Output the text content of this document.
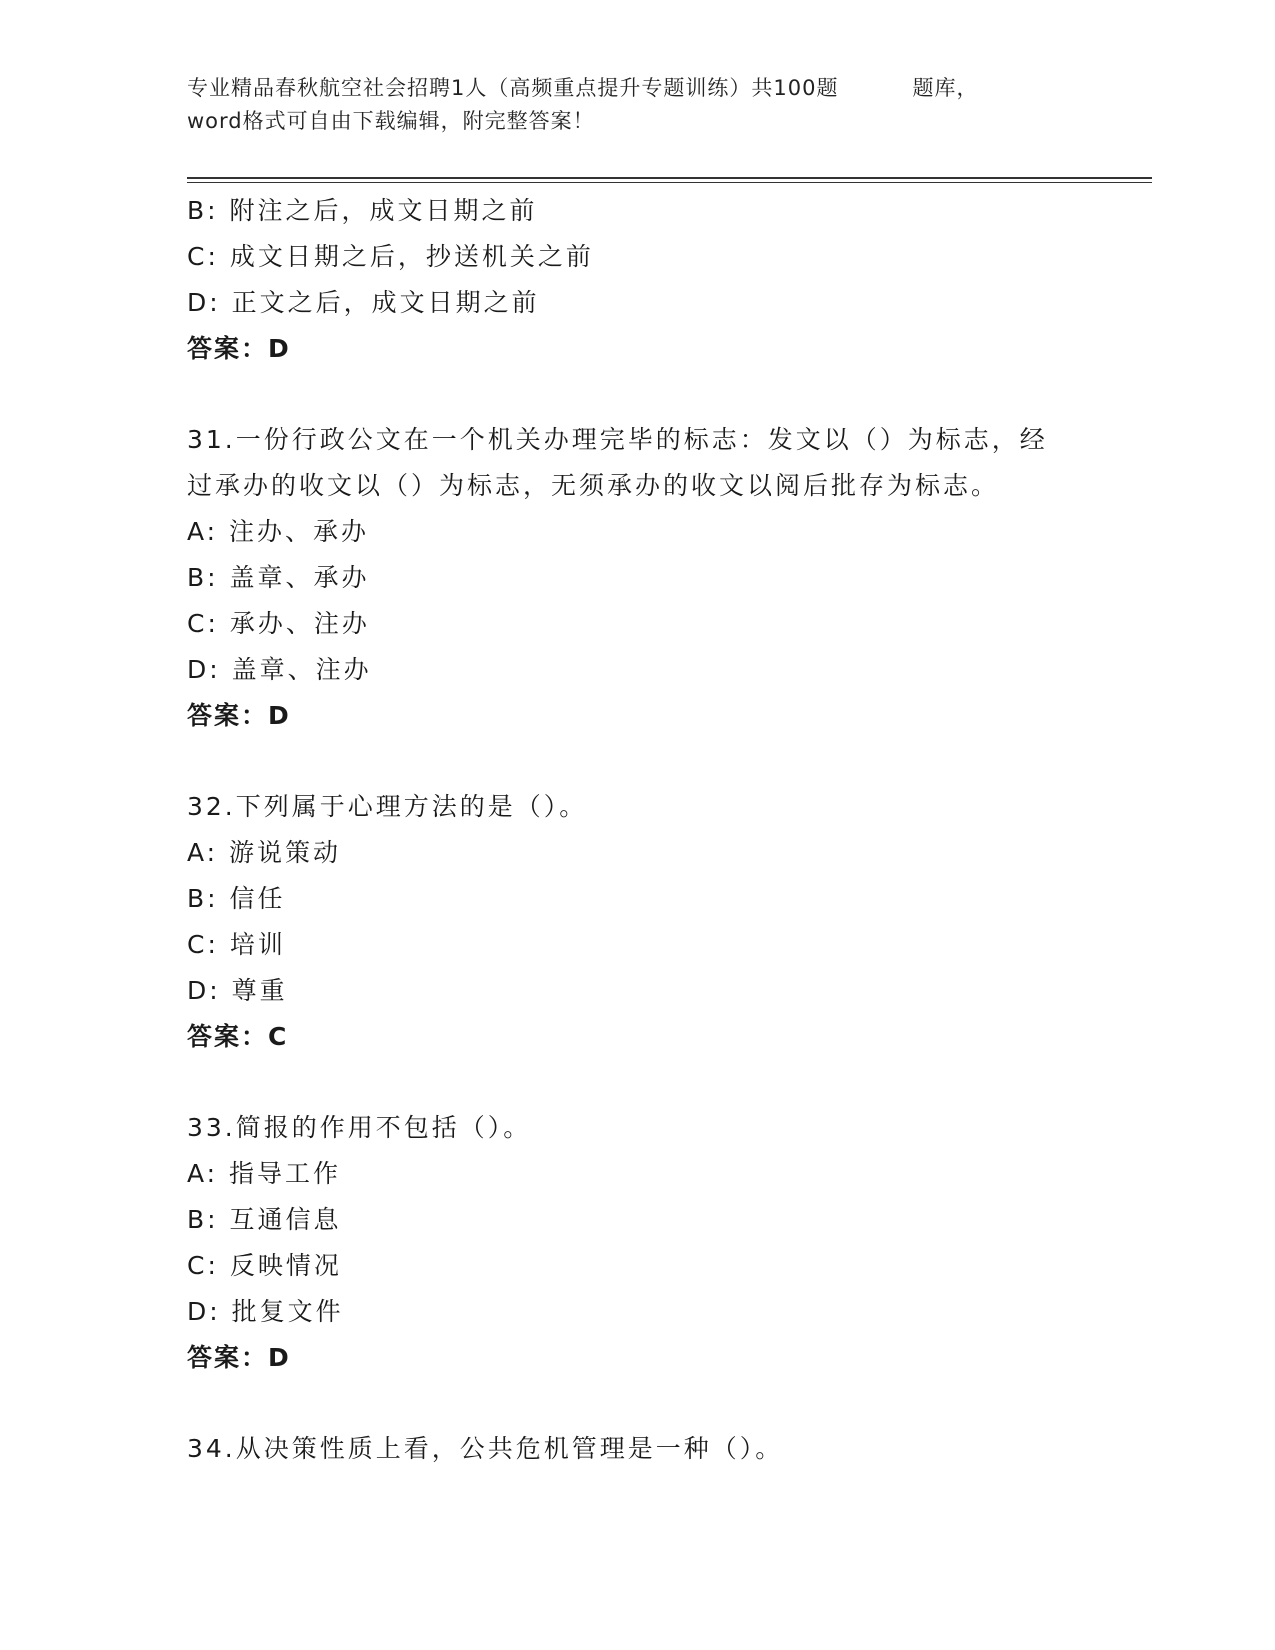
专业精品春秋航空社会招聘1人（高频重点提升专题训练）共100题	题库，
word格式可自由下载编辑，附完整答案！
B: 附注之后，成文日期之前
C: 成文日期之后，抄送机关之前
D: 正文之后，成文日期之前
答案：D
31.一份行政公文在一个机关办理完毕的标志：发文以（）为标志，经
过承办的收文以（）为标志，无须承办的收文以阅后批存为标志。
A: 注办、承办
B: 盖章、承办
C: 承办、注办
D: 盖章、注办
答案：D
32.下列属于心理方法的是（）。
A: 游说策动
B: 信任
C: 培训
D: 尊重
答案：C
33.简报的作用不包括（）。
A: 指导工作
B: 互通信息
C: 反映情况
D: 批复文件
答案：D
34.从决策性质上看，公共危机管理是一种（）。
